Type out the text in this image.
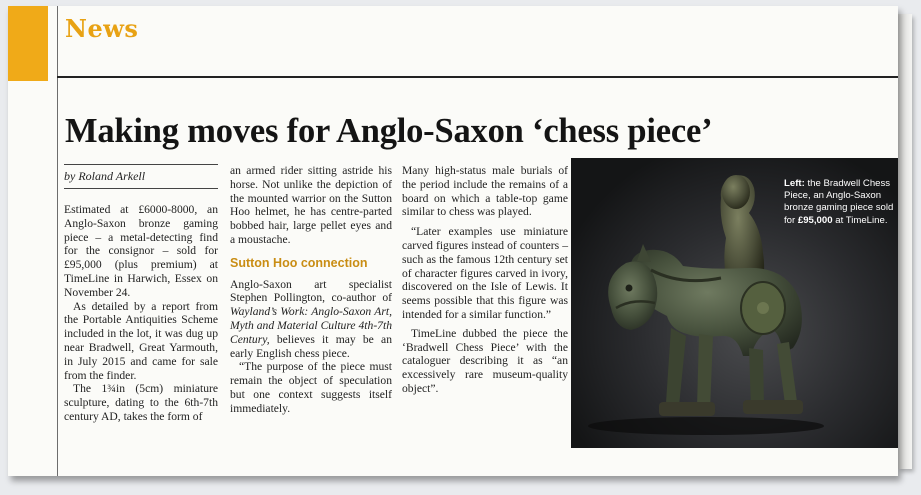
News
Making moves for Anglo-Saxon ‘chess piece’

by Roland Arkell

Estimated at £6000-8000, an Anglo-Saxon bronze gaming piece – a metal-detecting find for the consignor – sold for £95,000 (plus premium) at TimeLine in Harwich, Essex on November 24.

As detailed by a report from the Portable Antiquities Scheme included in the lot, it was dug up near Bradwell, Great Yarmouth, in July 2015 and came for sale from the finder.

The 1¾in (5cm) miniature sculpture, dating to the 6th-7th century AD, takes the form of

an armed rider sitting astride his horse. Not unlike the depiction of the mounted warrior on the Sutton Hoo helmet, he has centre-parted bobbed hair, large pellet eyes and a moustache.

Sutton Hoo connection

Anglo-Saxon art specialist Stephen Pollington, co-author of Wayland’s Work: Anglo-Saxon Art, Myth and Material Culture 4th-7th Century, believes it may be an early English chess piece.

“The purpose of the piece must remain the object of speculation but one context suggests itself immediately.

Many high-status male burials of the period include the remains of a board on which a table-top game similar to chess was played.

“Later examples use miniature carved figures instead of counters – such as the famous 12th century set of character figures carved in ivory, discovered on the Isle of Lewis. It seems possible that this figure was intended for a similar function.”

TimeLine dubbed the piece the ‘Bradwell Chess Piece’ with the cataloguer describing it as “an excessively rare museum-quality object”.

Left: the Bradwell Chess Piece, an Anglo-Saxon bronze gaming piece sold for £95,000 at TimeLine.
